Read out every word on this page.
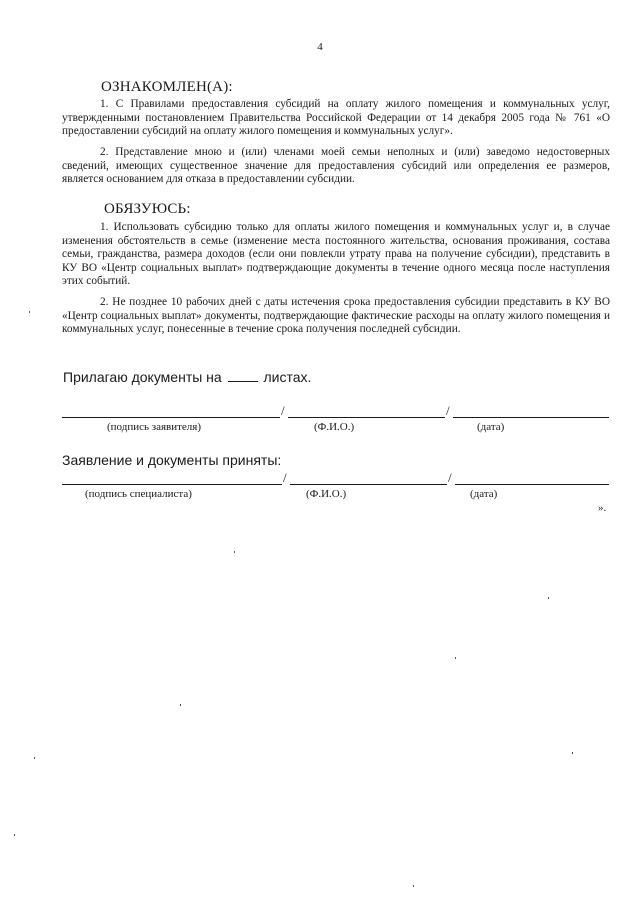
4
ОЗНАКОМЛЕН(А):

1. С Правилами предоставления субсидий на оплату жилого помещения и коммунальных услуг, утвержденными постановлением Правительства Российской Федерации от 14 декабря 2005 года № 761 «О предоставлении субсидий на оплату жилого помещения и коммунальных услуг».

2. Представление мною и (или) членами моей семьи неполных и (или) заведомо недостоверных сведений, имеющих существенное значение для предоставления субсидий или определения ее размеров, является основанием для отказа в предоставлении субсидии.

ОБЯЗУЮСЬ:

1. Использовать субсидию только для оплаты жилого помещения и коммунальных услуг и, в случае изменения обстоятельств в семье (изменение места постоянного жительства, основания проживания, состава семьи, гражданства, размера доходов (если они повлекли утрату права на получение субсидии), представить в КУ ВО «Центр социальных выплат» подтверждающие документы в течение одного месяца после наступления этих событий.

2. Не позднее 10 рабочих дней с даты истечения срока предоставления субсидии представить в КУ ВО «Центр социальных выплат» документы, подтверждающие фактические расходы на оплату жилого помещения и коммунальных услуг, понесенные в течение срока получения последней субсидии.

Прилагаю документы на	листах.
/	/
(подпись заявителя)	(Ф.И.О.)	(дата)
Заявление и документы приняты:
/	/
(подпись специалиста)	(Ф.И.О.)	(дата)
».
